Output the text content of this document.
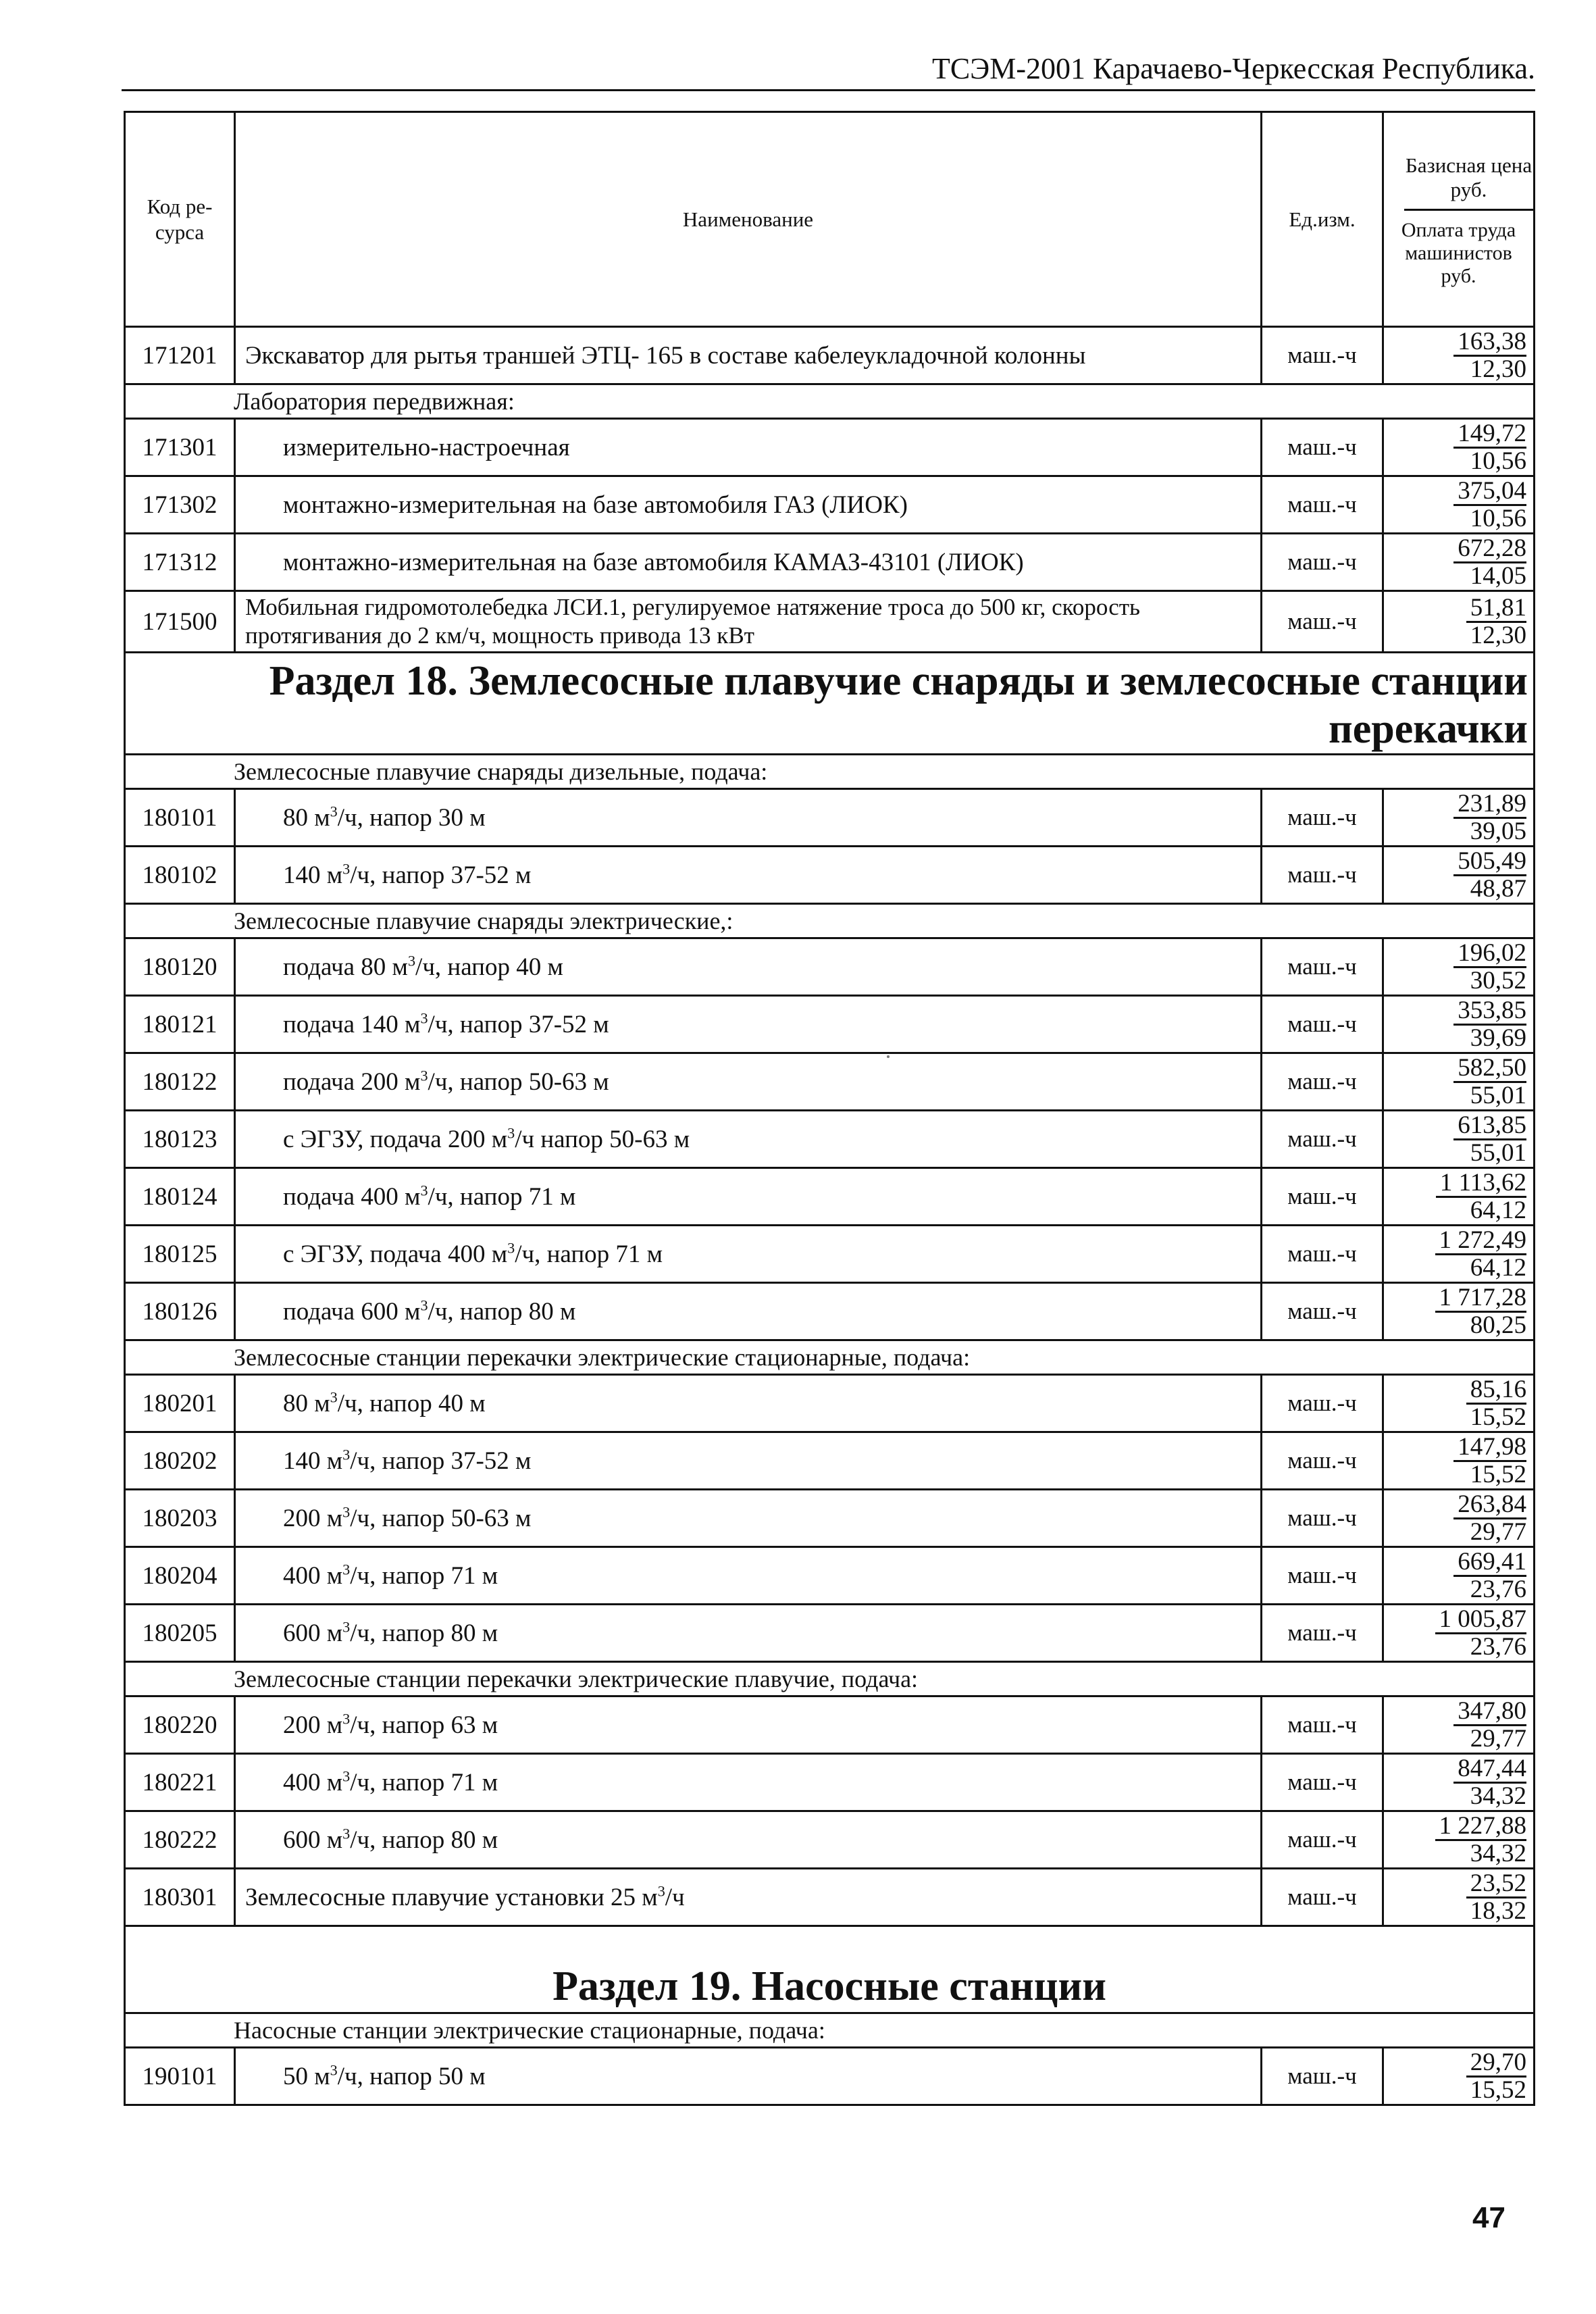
ТСЭМ-2001 Карачаево-Черкесская Республика.
Код ре-сурса	Наименование	Ед.изм.	Базисная цена руб.
Оплата труда машинистов руб.

171201	Экскаватор для рытья траншей ЭТЦ- 165 в составе кабелеукладочной колонны	маш.-ч	163,38
12,30

Лаборатория передвижная:			
171301	измерительно-настроечная	маш.-ч	149,72
10,56

171302	монтажно-измерительная на базе автомобиля ГАЗ (ЛИОК)	маш.-ч	375,04
10,56

171312	монтажно-измерительная на базе автомобиля КАМАЗ-43101 (ЛИОК)	маш.-ч	672,28
14,05

171500	Мобильная гидромотолебедка ЛСИ.1, регулируемое натяжение троса до 500 кг, скорость протягивания до 2 км/ч, мощность привода 13 кВт	маш.-ч	51,81
12,30

Раздел 18. Землесосные плавучие снаряды и землесосные станции перекачки			
Землесосные плавучие снаряды дизельные, подача:			
180101	80 $м^3/ч$, напор 30 м	маш.-ч	231,89
39,05

180102	140 $м^3/ч$, напор 37-52 м	маш.-ч	505,49
48,87

Землесосные плавучие снаряды электрические,:			
180120	подача 80 $м^3/ч$, напор 40 м	маш.-ч	196,02
30,52

180121	подача 140 $м^3/ч$, напор 37-52 м	маш.-ч	353,85
39,69

180122	подача 200 $м^3/ч$, напор 50-63 м	маш.-ч	582,50
55,01

180123	с ЭГЗУ, подача 200 $м^3/ч$ напор 50-63 м	маш.-ч	613,85
55,01

180124	подача 400 $м^3/ч$, напор 71 м	маш.-ч	1 113,62
64,12

180125	с ЭГЗУ, подача 400 $м^3/ч$, напор 71 м	маш.-ч	1 272,49
64,12

180126	подача 600 $м^3/ч$, напор 80 м	маш.-ч	1 717,28
80,25

Землесосные станции перекачки электрические стационарные, подача:			
180201	80 $м^3/ч$, напор 40 м	маш.-ч	85,16
15,52

180202	140 $м^3/ч$, напор 37-52 м	маш.-ч	147,98
15,52

180203	200 $м^3/ч$, напор 50-63 м	маш.-ч	263,84
29,77

180204	400 $м^3/ч$, напор 71 м	маш.-ч	669,41
23,76

180205	600 $м^3/ч$, напор 80 м	маш.-ч	1 005,87
23,76

Землесосные станции перекачки электрические плавучие, подача:			
180220	200 $м^3/ч$, напор 63 м	маш.-ч	347,80
29,77

180221	400 $м^3/ч$, напор 71 м	маш.-ч	847,44
34,32

180222	600 $м^3/ч$, напор 80 м	маш.-ч	1 227,88
34,32

180301	Землесосные плавучие установки 25 $м^3/ч$	маш.-ч	23,52
18,32

Раздел 19. Насосные станции			
Насосные станции электрические стационарные, подача:			
190101	50 $м^3/ч$, напор 50 м	маш.-ч	29,70
15,52
47
